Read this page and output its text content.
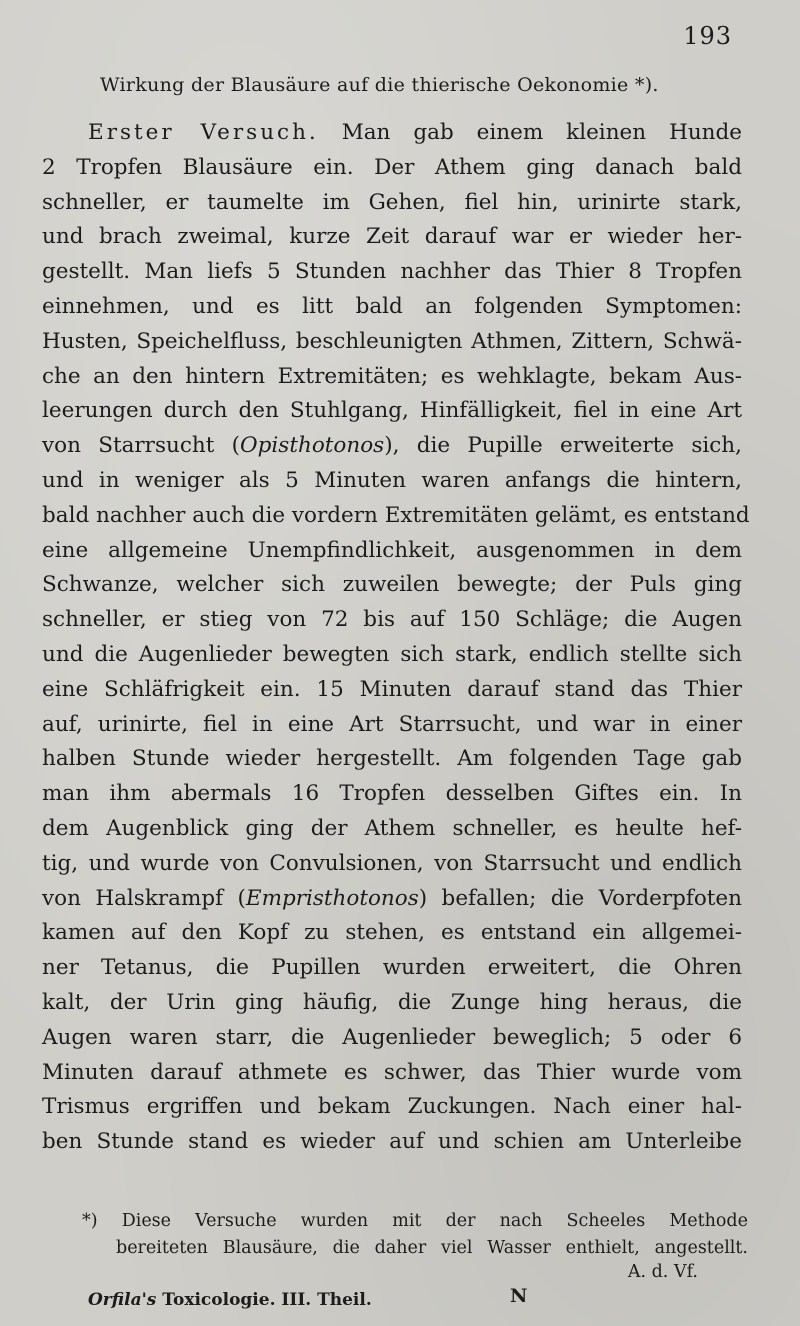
193
Wirkung der Blausäure auf die thierische Oekonomie *).
Erster Versuch. Man gab einem kleinen Hunde
2 Tropfen Blausäure ein. Der Athem ging danach bald
schneller, er taumelte im Gehen, fiel hin, urinirte stark,
und brach zweimal, kurze Zeit darauf war er wieder her-
gestellt. Man liefs 5 Stunden nachher das Thier 8 Tropfen
einnehmen, und es litt bald an folgenden Symptomen:
Husten, Speichelfluss, beschleunigten Athmen, Zittern, Schwä-
che an den hintern Extremitäten; es wehklagte, bekam Aus-
leerungen durch den Stuhlgang, Hinfälligkeit, fiel in eine Art
von Starrsucht (Opisthotonos), die Pupille erweiterte sich,
und in weniger als 5 Minuten waren anfangs die hintern,
bald nachher auch die vordern Extremitäten gelämt, es entstand
eine allgemeine Unempfindlichkeit, ausgenommen in dem
Schwanze, welcher sich zuweilen bewegte; der Puls ging
schneller, er stieg von 72 bis auf 150 Schläge; die Augen
und die Augenlieder bewegten sich stark, endlich stellte sich
eine Schläfrigkeit ein. 15 Minuten darauf stand das Thier
auf, urinirte, fiel in eine Art Starrsucht, und war in einer
halben Stunde wieder hergestellt. Am folgenden Tage gab
man ihm abermals 16 Tropfen desselben Giftes ein. In
dem Augenblick ging der Athem schneller, es heulte hef-
tig, und wurde von Convulsionen, von Starrsucht und endlich
von Halskrampf (Empristhotonos) befallen; die Vorderpfoten
kamen auf den Kopf zu stehen, es entstand ein allgemei-
ner Tetanus, die Pupillen wurden erweitert, die Ohren
kalt, der Urin ging häufig, die Zunge hing heraus, die
Augen waren starr, die Augenlieder beweglich; 5 oder 6
Minuten darauf athmete es schwer, das Thier wurde vom
Trismus ergriffen und bekam Zuckungen. Nach einer hal-
ben Stunde stand es wieder auf und schien am Unterleibe
*) Diese Versuche wurden mit der nach Scheeles Methode
bereiteten Blausäure, die daher viel Wasser enthielt, angestellt.
A. d. Vf.
Orfila's Toxicologie. III. Theil.	N
